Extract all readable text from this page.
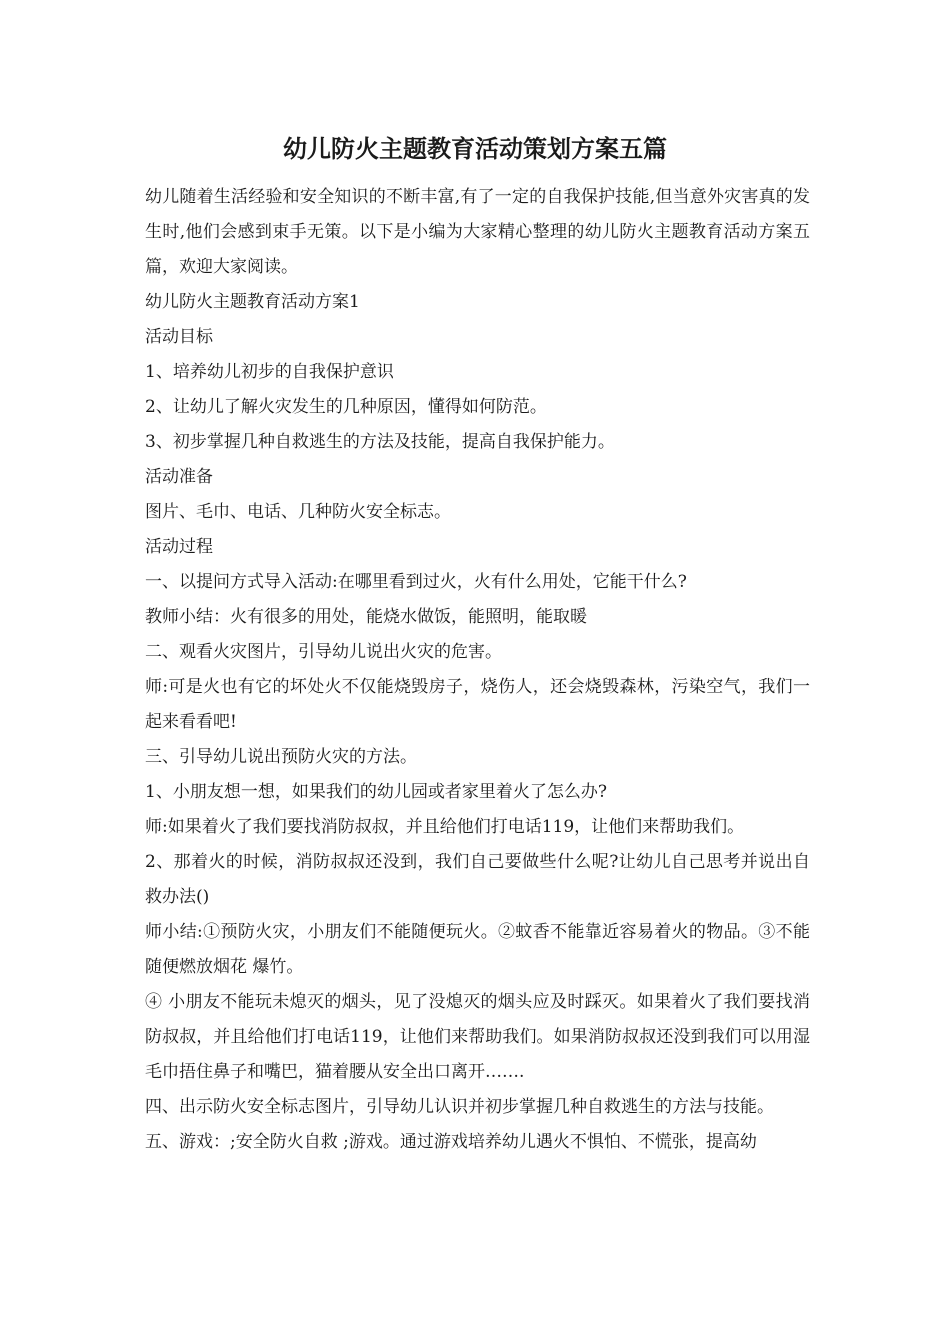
幼儿防火主题教育活动策划方案五篇

幼儿随着生活经验和安全知识的不断丰富,有了一定的自我保护技能,但当意外灾害真的发生时,他们会感到束手无策。以下是小编为大家精心整理的幼儿防火主题教育活动方案五篇，欢迎大家阅读。

幼儿防火主题教育活动方案1

活动目标

1、培养幼儿初步的自我保护意识

2、让幼儿了解火灾发生的几种原因，懂得如何防范。

3、初步掌握几种自救逃生的方法及技能，提高自我保护能力。

活动准备

图片、毛巾、电话、几种防火安全标志。

活动过程

一、以提问方式导入活动:在哪里看到过火，火有什么用处，它能干什么?

教师小结：火有很多的用处，能烧水做饭，能照明，能取暖

二、观看火灾图片，引导幼儿说出火灾的危害。

师:可是火也有它的坏处火不仅能烧毁房子，烧伤人，还会烧毁森林，污染空气，我们一起来看看吧!

三、引导幼儿说出预防火灾的方法。

1、小朋友想一想，如果我们的幼儿园或者家里着火了怎么办?

师:如果着火了我们要找消防叔叔，并且给他们打电话119，让他们来帮助我们。

2、那着火的时候，消防叔叔还没到，我们自己要做些什么呢?让幼儿自己思考并说出自救办法()

师小结:①预防火灾，小朋友们不能随便玩火。②蚊香不能靠近容易着火的物品。③不能随便燃放烟花 爆竹。

④ 小朋友不能玩未熄灭的烟头，见了没熄灭的烟头应及时踩灭。如果着火了我们要找消防叔叔，并且给他们打电话119，让他们来帮助我们。如果消防叔叔还没到我们可以用湿毛巾捂住鼻子和嘴巴，猫着腰从安全出口离开…….

四、出示防火安全标志图片，引导幼儿认识并初步掌握几种自救逃生的方法与技能。

五、游戏：;安全防火自救 ;游戏。通过游戏培养幼儿遇火不惧怕、不慌张，提高幼
